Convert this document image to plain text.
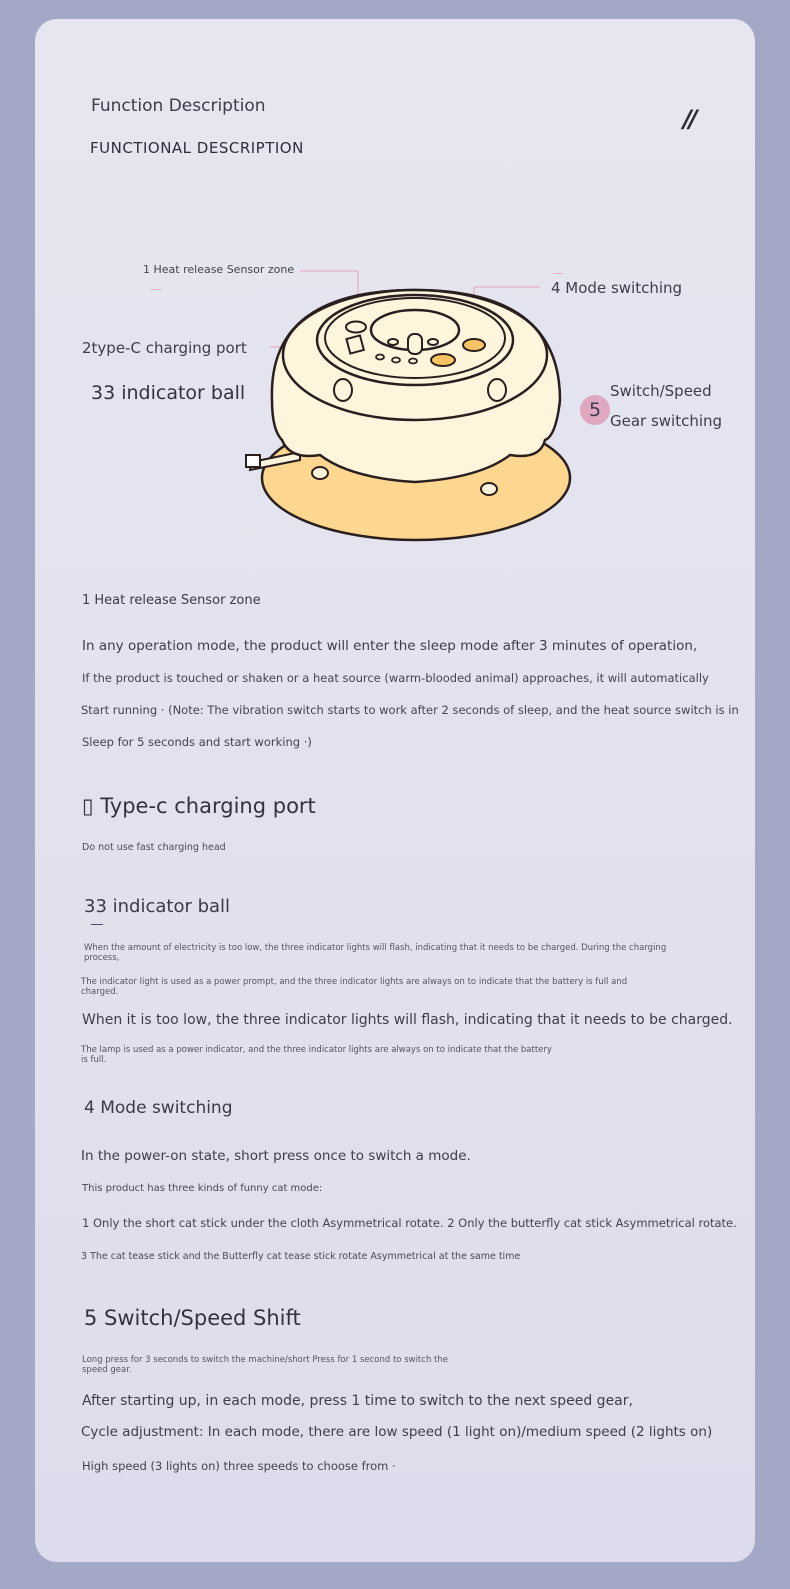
Function Description

FUNCTIONAL DESCRIPTION

//

1 Heat release Sensor zone

2type-C charging port

33 indicator ball

4 Mode switching

5

Switch/Speed

Gear switching

1 Heat release Sensor zone

In any operation mode, the product will enter the sleep mode after 3 minutes of operation,

If the product is touched or shaken or a heat source (warm-blooded animal) approaches, it will automatically

Start running · (Note: The vibration switch starts to work after 2 seconds of sleep, and the heat source switch is in

Sleep for 5 seconds and start working ·)

▯ Type-c charging port

Do not use fast charging head

33 indicator ball

When the amount of electricity is too low, the three indicator lights will flash, indicating that it needs to be charged. During the charging process,

The indicator light is used as a power prompt, and the three indicator lights are always on to indicate that the battery is full and charged.

When it is too low, the three indicator lights will flash, indicating that it needs to be charged.

The lamp is used as a power indicator, and the three indicator lights are always on to indicate that the battery is full.

4 Mode switching

In the power-on state, short press once to switch a mode.

This product has three kinds of funny cat mode:

1 Only the short cat stick under the cloth Asymmetrical rotate. 2 Only the butterfly cat stick Asymmetrical rotate.

3 The cat tease stick and the Butterfly cat tease stick rotate Asymmetrical at the same time

5 Switch/Speed Shift

Long press for 3 seconds to switch the machine/short Press for 1 second to switch the speed gear.

After starting up, in each mode, press 1 time to switch to the next speed gear,

Cycle adjustment: In each mode, there are low speed (1 light on)/medium speed (2 lights on)

High speed (3 lights on) three speeds to choose from ·
